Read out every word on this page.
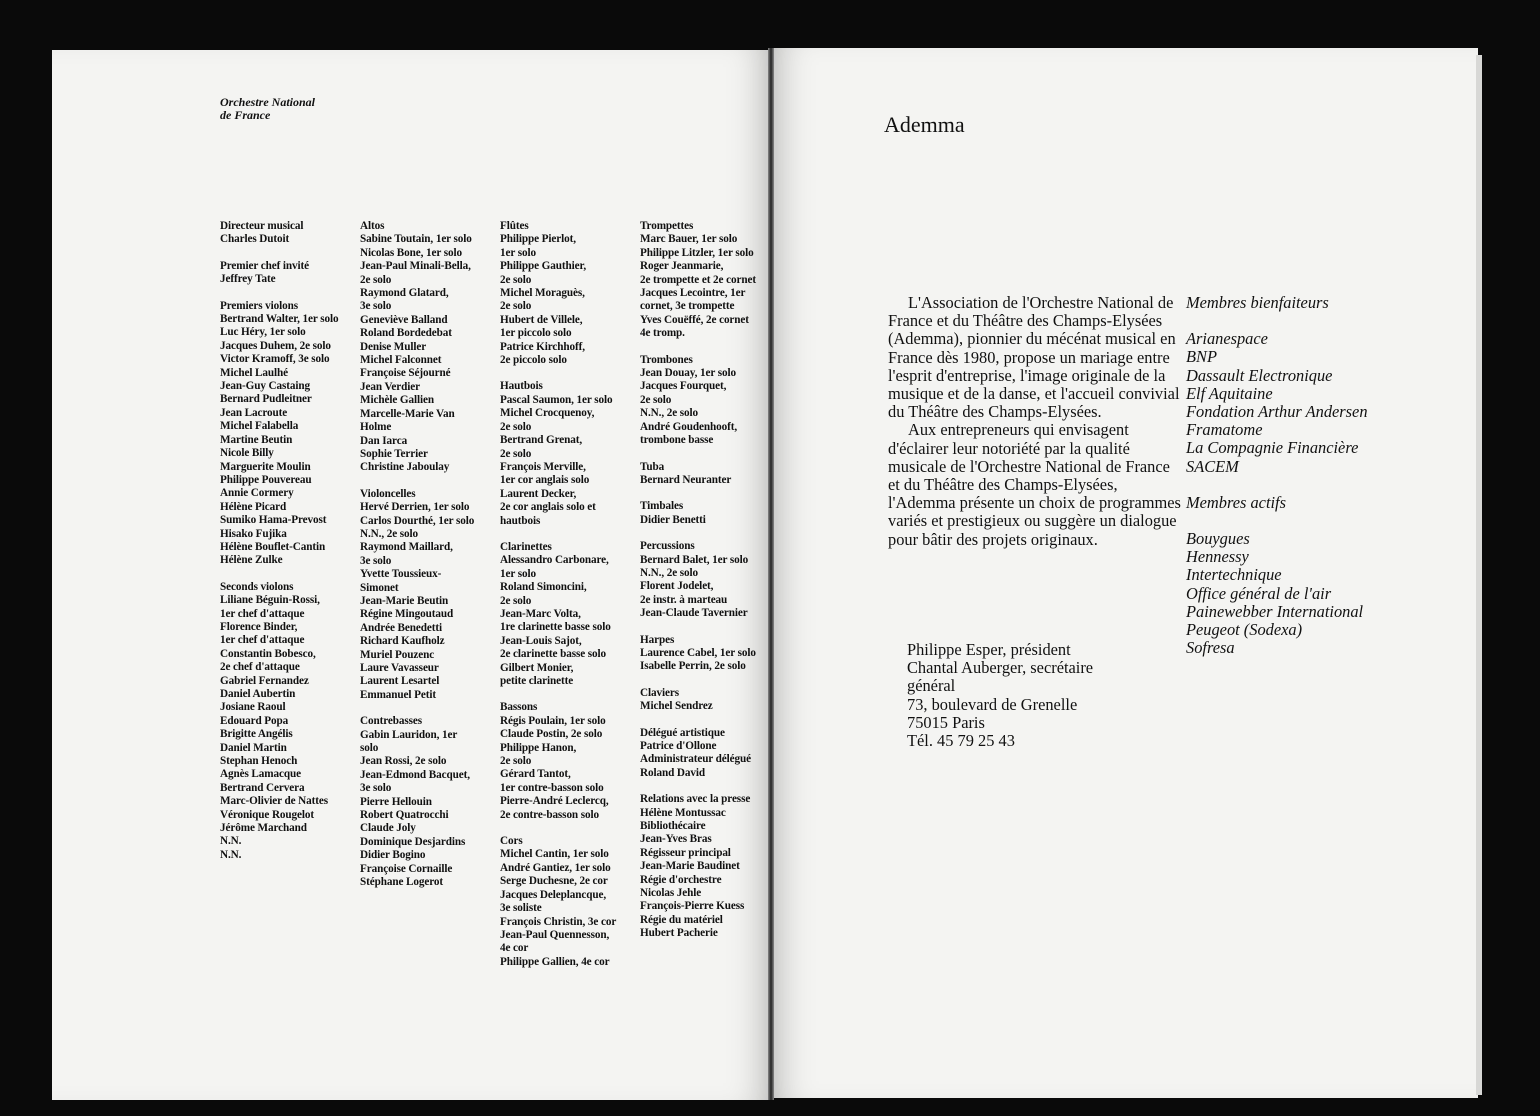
Orchestre National
de France
Directeur musical
Charles Dutoit
Premier chef invité
Jeffrey Tate
Premiers violons
Bertrand Walter, 1er solo
Luc Héry, 1er solo
Jacques Duhem, 2e solo
Victor Kramoff, 3e solo
Michel Laulhé
Jean-Guy Castaing
Bernard Pudleitner
Jean Lacroute
Michel Falabella
Martine Beutin
Nicole Billy
Marguerite Moulin
Philippe Pouvereau
Annie Cormery
Hélène Picard
Sumiko Hama-Prevost
Hisako Fujika
Hélène Bouflet-Cantin
Hélène Zulke
Seconds violons
Liliane Béguin-Rossi,
1er chef d'attaque
Florence Binder,
1er chef d'attaque
Constantin Bobesco,
2e chef d'attaque
Gabriel Fernandez
Daniel Aubertin
Josiane Raoul
Edouard Popa
Brigitte Angélis
Daniel Martin
Stephan Henoch
Agnès Lamacque
Bertrand Cervera
Marc-Olivier de Nattes
Véronique Rougelot
Jérôme Marchand
N.N.
N.N.
Altos
Sabine Toutain, 1er solo
Nicolas Bone, 1er solo
Jean-Paul Minali-Bella,
2e solo
Raymond Glatard,
3e solo
Geneviève Balland
Roland Bordedebat
Denise Muller
Michel Falconnet
Françoise Séjourné
Jean Verdier
Michèle Gallien
Marcelle-Marie Van
Holme
Dan Iarca
Sophie Terrier
Christine Jaboulay
Violoncelles
Hervé Derrien, 1er solo
Carlos Dourthé, 1er solo
N.N., 2e solo
Raymond Maillard,
3e solo
Yvette Toussieux-
Simonet
Jean-Marie Beutin
Régine Mingoutaud
Andrée Benedetti
Richard Kaufholz
Muriel Pouzenc
Laure Vavasseur
Laurent Lesartel
Emmanuel Petit
Contrebasses
Gabin Lauridon, 1er
solo
Jean Rossi, 2e solo
Jean-Edmond Bacquet,
3e solo
Pierre Hellouin
Robert Quatrocchi
Claude Joly
Dominique Desjardins
Didier Bogino
Françoise Cornaille
Stéphane Logerot
Flûtes
Philippe Pierlot,
1er solo
Philippe Gauthier,
2e solo
Michel Moraguès,
2e solo
Hubert de Villele,
1er piccolo solo
Patrice Kirchhoff,
2e piccolo solo
Hautbois
Pascal Saumon, 1er solo
Michel Crocquenoy,
2e solo
Bertrand Grenat,
2e solo
François Merville,
1er cor anglais solo
Laurent Decker,
2e cor anglais solo et
hautbois
Clarinettes
Alessandro Carbonare,
1er solo
Roland Simoncini,
2e solo
Jean-Marc Volta,
1re clarinette basse solo
Jean-Louis Sajot,
2e clarinette basse solo
Gilbert Monier,
petite clarinette
Bassons
Régis Poulain, 1er solo
Claude Postin, 2e solo
Philippe Hanon,
2e solo
Gérard Tantot,
1er contre-basson solo
Pierre-André Leclercq,
2e contre-basson solo
Cors
Michel Cantin, 1er solo
André Gantiez, 1er solo
Serge Duchesne, 2e cor
Jacques Deleplancque,
3e soliste
François Christin, 3e cor
Jean-Paul Quennesson,
4e cor
Philippe Gallien, 4e cor
Trompettes
Marc Bauer, 1er solo
Philippe Litzler, 1er solo
Roger Jeanmarie,
2e trompette et 2e cornet
Jacques Lecointre, 1er
cornet, 3e trompette
Yves Couëffé, 2e cornet
4e tromp.
Trombones
Jean Douay, 1er solo
Jacques Fourquet,
2e solo
N.N., 2e solo
André Goudenhooft,
trombone basse
Tuba
Bernard Neuranter
Timbales
Didier Benetti
Percussions
Bernard Balet, 1er solo
N.N., 2e solo
Florent Jodelet,
2e instr. à marteau
Jean-Claude Tavernier
Harpes
Laurence Cabel, 1er solo
Isabelle Perrin, 2e solo
Claviers
Michel Sendrez
Délégué artistique
Patrice d'Ollone
Administrateur délégué
Roland David
Relations avec la presse
Hélène Montussac
Bibliothécaire
Jean-Yves Bras
Régisseur principal
Jean-Marie Baudinet
Régie d'orchestre
Nicolas Jehle
François-Pierre Kuess
Régie du matériel
Hubert Pacherie
Ademma

L'Association de l'Orchestre National de France et du Théâtre des Champs-Elysées (Ademma), pionnier du mécénat musical en France dès 1980, propose un mariage entre l'esprit d'entreprise, l'image originale de la musique et de la danse, et l'accueil convivial du Théâtre des Champs-Elysées.

Aux entrepreneurs qui envisagent d'éclairer leur notoriété par la qualité musicale de l'Orchestre National de France et du Théâtre des Champs-Elysées, l'Ademma présente un choix de programmes variés et prestigieux ou suggère un dialogue pour bâtir des projets originaux.

Philippe Esper, président
Chantal Auberger, secrétaire
général
73, boulevard de Grenelle
75015 Paris
Tél. 45 79 25 43
Membres bienfaiteurs
Arianespace
BNP
Dassault Electronique
Elf Aquitaine
Fondation Arthur Andersen
Framatome
La Compagnie Financière
SACEM
Membres actifs
Bouygues
Hennessy
Intertechnique
Office général de l'air
Painewebber International
Peugeot (Sodexa)
Sofresa
